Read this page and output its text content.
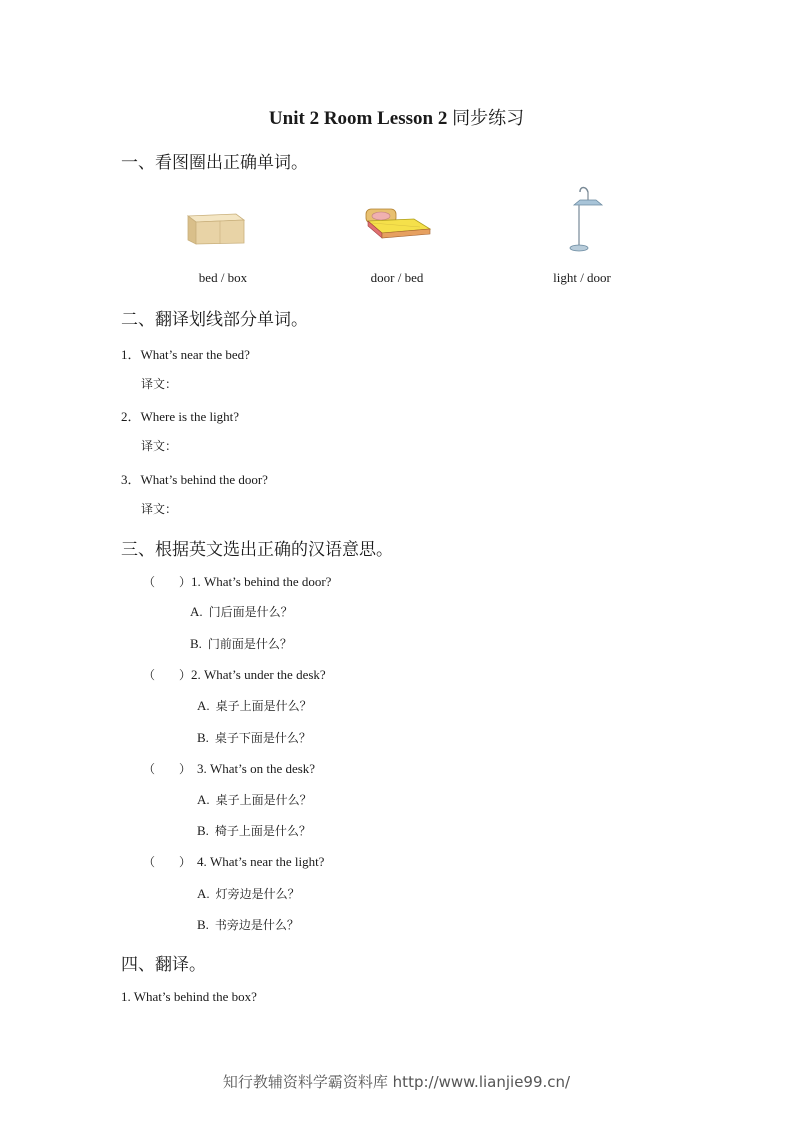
Unit 2 Room Lesson 2 同步练习
一、看图圈出正确单词。
bed / box	door / bed	light / door
二、翻译划线部分单词。
1．What’s near the bed?
译文：
2．Where is the light?
译文：
3．What’s behind the door?
译文：
三、根据英文选出正确的汉语意思。
（　　）1. What’s behind the door?
A. 门后面是什么？
B. 门前面是什么？
（　　）2. What’s under the desk?
A. 桌子上面是什么？
B. 桌子下面是什么？
（　　） 3. What’s on the desk?
A. 桌子上面是什么？
B. 椅子上面是什么？
（　　） 4. What’s near the light?
A. 灯旁边是什么？
B. 书旁边是什么？
四、翻译。
1. What’s behind the box?
知行教辅资料学霸资料库 http://www.lianjie99.cn/
